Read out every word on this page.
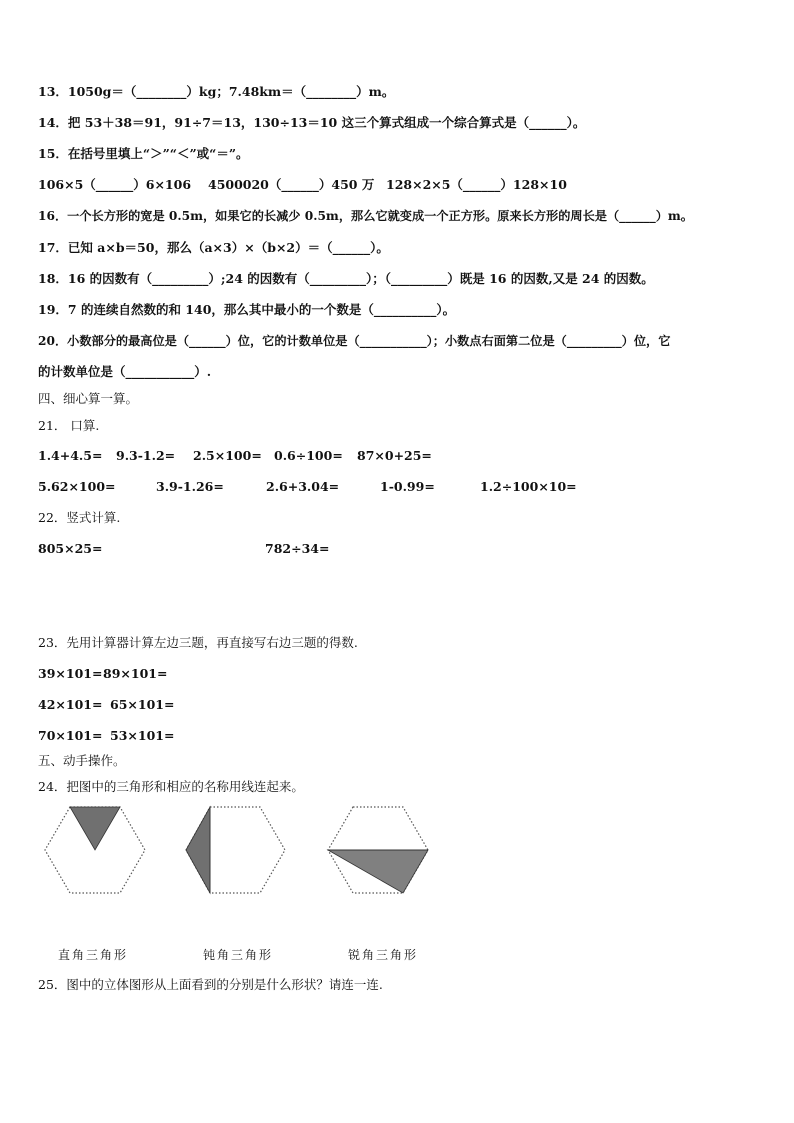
13．1050g＝（________）kg；7.48km＝（________）m。
14．把 53＋38＝91，91÷7＝13，130÷13＝10 这三个算式组成一个综合算式是（______）。
15．在括号里填上“＞”“＜”或“＝”。
106×5（______）6×106 4500020（______）450 万 128×2×5（______）128×10
16．一个长方形的宽是 0.5m，如果它的长减少 0.5m，那么它就变成一个正方形。原来长方形的周长是（______）m。
17．已知 a×b＝50，那么（a×3）×（b×2）＝（______）。
18．16 的因数有（_________）;24 的因数有（_________）；（_________）既是 16 的因数,又是 24 的因数。
19．7 的连续自然数的和 140，那么其中最小的一个数是（__________）。
20．小数部分的最高位是（______）位，它的计数单位是（___________）；小数点右面第二位是（_________）位，它
的计数单位是（___________）.
四、细心算一算。
21． 口算.
1.4+4.5= 9.3-1.2= 2.5×100= 0.6÷100= 87×0+25=
5.62×100=	3.9-1.26=	2.6+3.04=	1-0.99=	1.2÷100×10=
22．竖式计算.
805×25=	782÷34=
23．先用计算器计算左边三题，再直接写右边三题的得数.
39×101= 89×101=
42×101= 65×101=
70×101= 53×101=
五、动手操作。
24．把图中的三角形和相应的名称用线连起来。
直角三角形	钝角三角形	锐角三角形
25．图中的立体图形从上面看到的分别是什么形状？请连一连.
